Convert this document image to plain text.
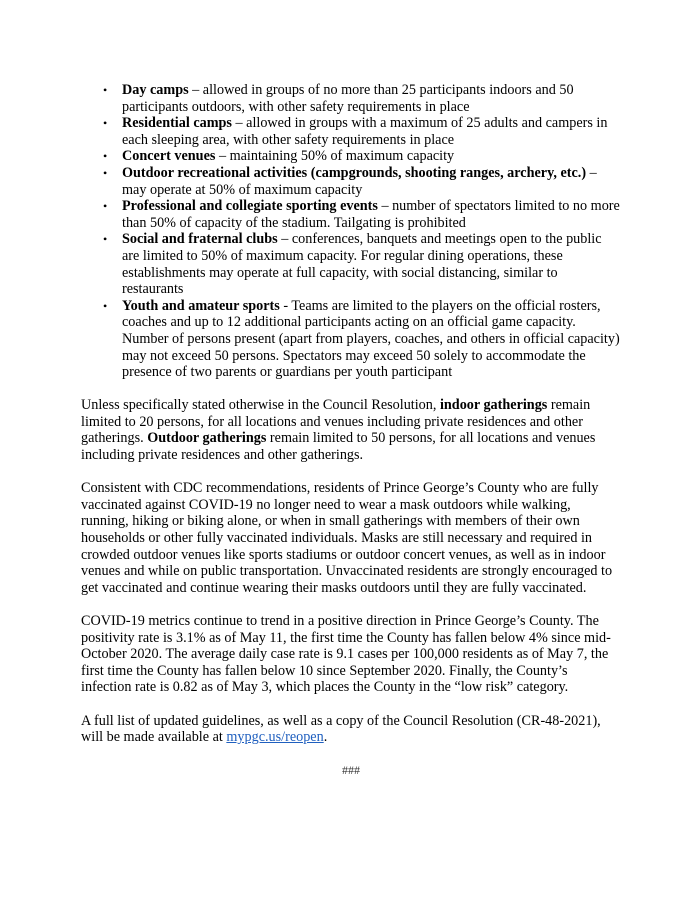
• Day camps – allowed in groups of no more than 25 participants indoors and 50 participants outdoors, with other safety requirements in place
• Residential camps – allowed in groups with a maximum of 25 adults and campers in each sleeping area, with other safety requirements in place
• Concert venues – maintaining 50% of maximum capacity
• Outdoor recreational activities (campgrounds, shooting ranges, archery, etc.) – may operate at 50% of maximum capacity
• Professional and collegiate sporting events – number of spectators limited to no more than 50% of capacity of the stadium. Tailgating is prohibited
• Social and fraternal clubs – conferences, banquets and meetings open to the public are limited to 50% of maximum capacity. For regular dining operations, these establishments may operate at full capacity, with social distancing, similar to restaurants
• Youth and amateur sports - Teams are limited to the players on the official rosters, coaches and up to 12 additional participants acting on an official game capacity. Number of persons present (apart from players, coaches, and others in official capacity) may not exceed 50 persons. Spectators may exceed 50 solely to accommodate the presence of two parents or guardians per youth participant

Unless specifically stated otherwise in the Council Resolution, indoor gatherings remain limited to 20 persons, for all locations and venues including private residences and other gatherings. Outdoor gatherings remain limited to 50 persons, for all locations and venues including private residences and other gatherings.

Consistent with CDC recommendations, residents of Prince George’s County who are fully vaccinated against COVID-19 no longer need to wear a mask outdoors while walking, running, hiking or biking alone, or when in small gatherings with members of their own households or other fully vaccinated individuals. Masks are still necessary and required in crowded outdoor venues like sports stadiums or outdoor concert venues, as well as in indoor venues and while on public transportation. Unvaccinated residents are strongly encouraged to get vaccinated and continue wearing their masks outdoors until they are fully vaccinated.

COVID-19 metrics continue to trend in a positive direction in Prince George’s County. The positivity rate is 3.1% as of May 11, the first time the County has fallen below 4% since mid-October 2020. The average daily case rate is 9.1 cases per 100,000 residents as of May 7, the first time the County has fallen below 10 since September 2020. Finally, the County’s infection rate is 0.82 as of May 3, which places the County in the “low risk” category.

A full list of updated guidelines, as well as a copy of the Council Resolution (CR-48-2021), will be made available at mypgc.us/reopen.

###
